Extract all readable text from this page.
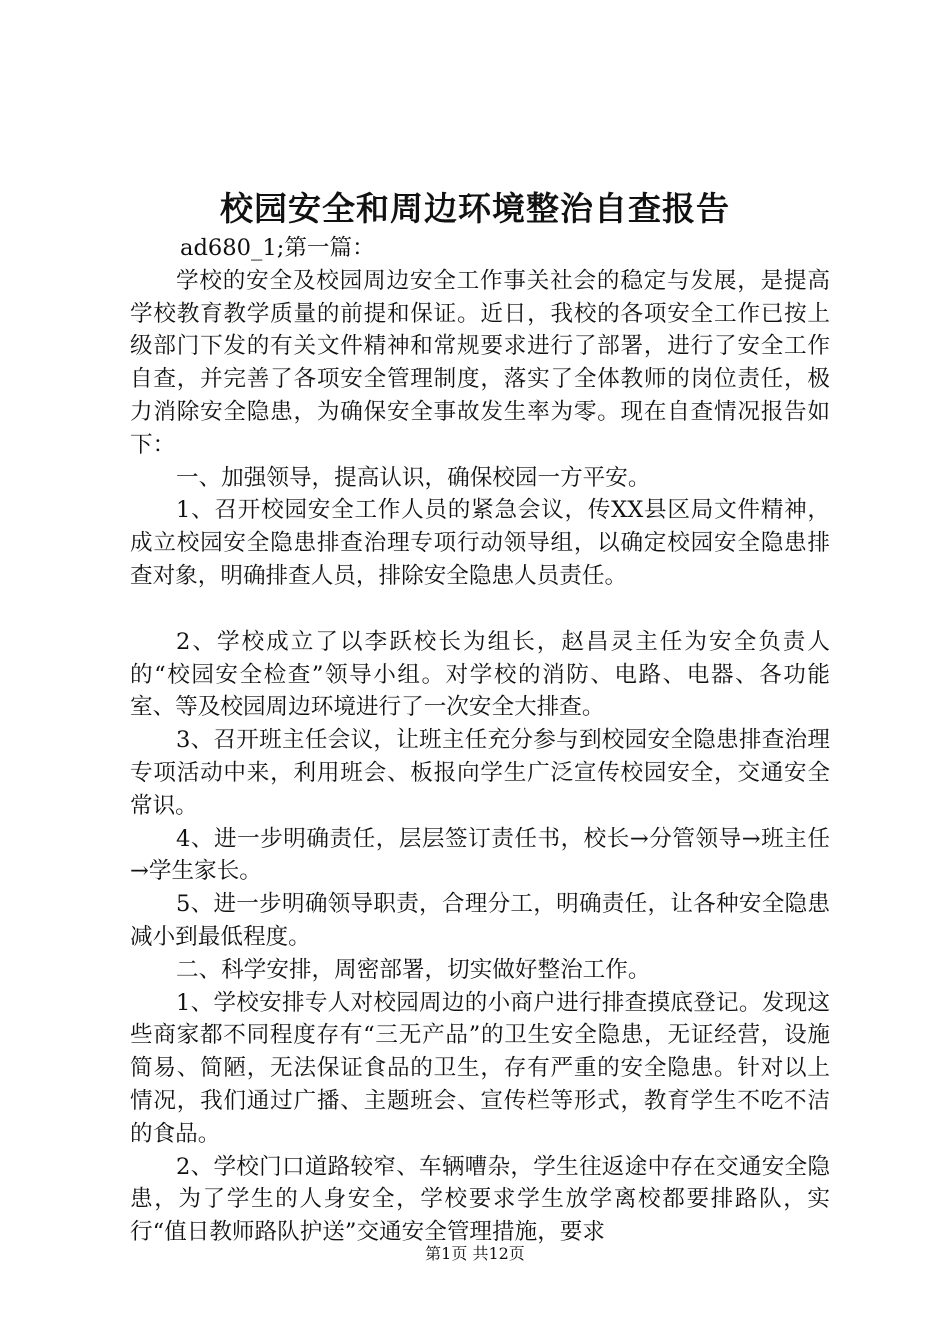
校园安全和周边环境整治自查报告

ad680_1;第一篇：

学校的安全及校园周边安全工作事关社会的稳定与发展，是提高学校教育教学质量的前提和保证。近日，我校的各项安全工作已按上级部门下发的有关文件精神和常规要求进行了部署，进行了安全工作自查，并完善了各项安全管理制度，落实了全体教师的岗位责任，极力消除安全隐患，为确保安全事故发生率为零。现在自查情况报告如下：

一、加强领导，提高认识，确保校园一方平安。

1、召开校园安全工作人员的紧急会议，传XX县区局文件精神，成立校园安全隐患排查治理专项行动领导组，以确定校园安全隐患排查对象，明确排查人员，排除安全隐患人员责任。

2、学校成立了以李跃校长为组长，赵昌灵主任为安全负责人的“校园安全检查”领导小组。对学校的消防、电路、电器、各功能室、等及校园周边环境进行了一次安全大排查。

3、召开班主任会议，让班主任充分参与到校园安全隐患排查治理专项活动中来，利用班会、板报向学生广泛宣传校园安全，交通安全常识。

4、进一步明确责任，层层签订责任书，校长→分管领导→班主任→学生家长。

5、进一步明确领导职责，合理分工，明确责任，让各种安全隐患减小到最低程度。

二、科学安排，周密部署，切实做好整治工作。

1、学校安排专人对校园周边的小商户进行排查摸底登记。发现这些商家都不同程度存有“三无产品”的卫生安全隐患，无证经营，设施简易、简陋，无法保证食品的卫生，存有严重的安全隐患。针对以上情况，我们通过广播、主题班会、宣传栏等形式，教育学生不吃不洁的食品。

2、学校门口道路较窄、车辆嘈杂，学生往返途中存在交通安全隐患，为了学生的人身安全，学校要求学生放学离校都要排路队，实行“值日教师路队护送”交通安全管理措施，要求

第1页 共12页
